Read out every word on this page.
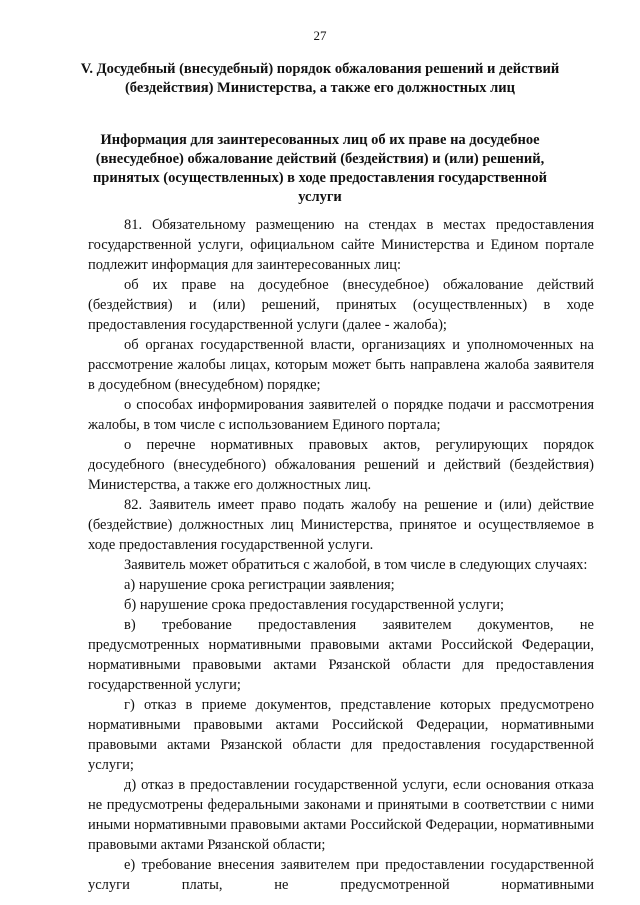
27
V. Досудебный (внесудебный) порядок обжалования решений и действий (бездействия) Министерства, а также его должностных лиц
Информация для заинтересованных лиц об их праве на досудебное (внесудебное) обжалование действий (бездействия) и (или) решений, принятых (осуществленных) в ходе предоставления государственной услуги

81. Обязательному размещению на стендах в местах предоставления государственной услуги, официальном сайте Министерства и Едином портале подлежит информация для заинтересованных лиц:

об их праве на досудебное (внесудебное) обжалование действий (бездействия) и (или) решений, принятых (осуществленных) в ходе предоставления государственной услуги (далее - жалоба);

об органах государственной власти, организациях и уполномоченных на рассмотрение жалобы лицах, которым может быть направлена жалоба заявителя в досудебном (внесудебном) порядке;

о способах информирования заявителей о порядке подачи и рассмотрения жалобы, в том числе с использованием Единого портала;

о перечне нормативных правовых актов, регулирующих порядок досудебного (внесудебного) обжалования решений и действий (бездействия) Министерства, а также его должностных лиц.

82. Заявитель имеет право подать жалобу на решение и (или) действие (бездействие) должностных лиц Министерства, принятое и осуществляемое в ходе предоставления государственной услуги.

Заявитель может обратиться с жалобой, в том числе в следующих случаях:

а) нарушение срока регистрации заявления;

б) нарушение срока предоставления государственной услуги;

в) требование предоставления заявителем документов, не предусмотренных нормативными правовыми актами Российской Федерации, нормативными правовыми актами Рязанской области для предоставления государственной услуги;

г) отказ в приеме документов, представление которых предусмотрено нормативными правовыми актами Российской Федерации, нормативными правовыми актами Рязанской области для предоставления государственной услуги;

д) отказ в предоставлении государственной услуги, если основания отказа не предусмотрены федеральными законами и принятыми в соответствии с ними иными нормативными правовыми актами Российской Федерации, нормативными правовыми актами Рязанской области;

е) требование внесения заявителем при предоставлении государственной услуги платы, не предусмотренной нормативными
